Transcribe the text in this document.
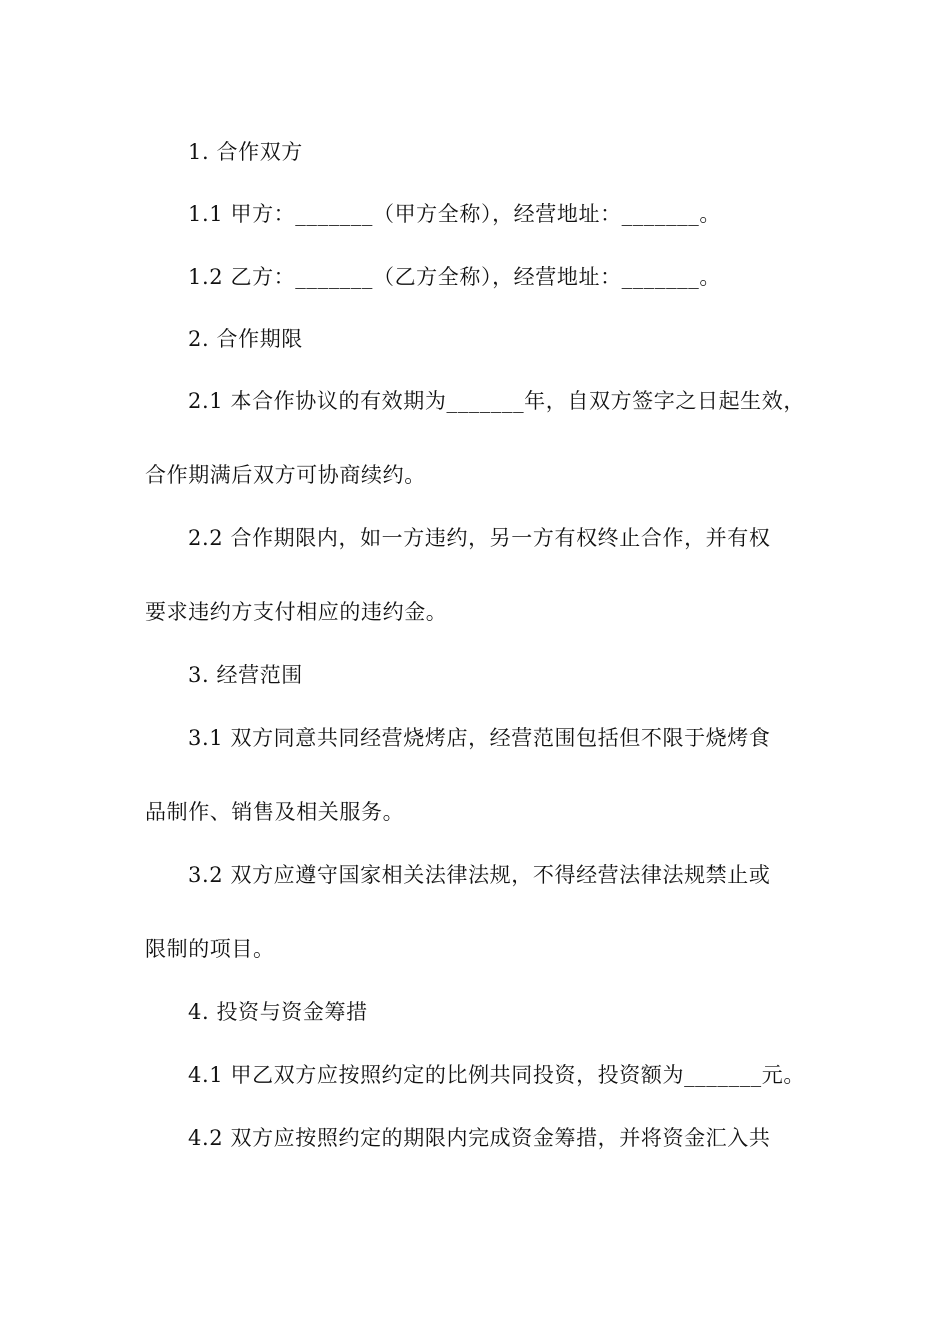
1. 合作双方

1.1 甲方：_______（甲方全称），经营地址：_______。

1.2 乙方：_______（乙方全称），经营地址：_______。

2. 合作期限

2.1 本合作协议的有效期为_______年，自双方签字之日起生效，

合作期满后双方可协商续约。

2.2 合作期限内，如一方违约，另一方有权终止合作，并有权

要求违约方支付相应的违约金。

3. 经营范围

3.1 双方同意共同经营烧烤店，经营范围包括但不限于烧烤食

品制作、销售及相关服务。

3.2 双方应遵守国家相关法律法规，不得经营法律法规禁止或

限制的项目。

4. 投资与资金筹措

4.1 甲乙双方应按照约定的比例共同投资，投资额为_______元。

4.2 双方应按照约定的期限内完成资金筹措，并将资金汇入共
